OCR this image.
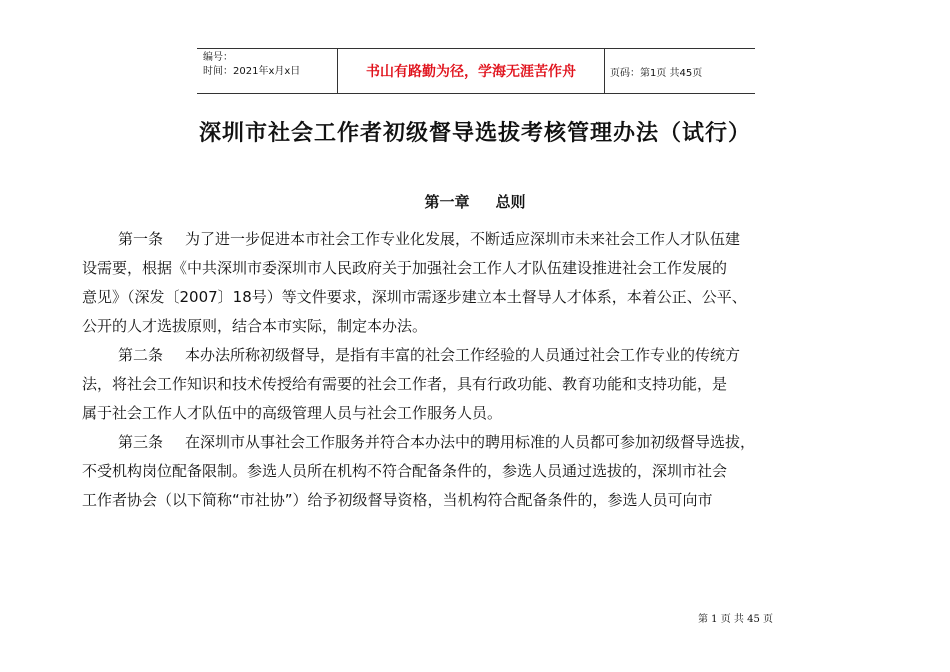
编号：
时间：2021年x月x日	书山有路勤为径，学海无涯苦作舟	页码：第1页 共45页
深圳市社会工作者初级督导选拔考核管理办法（试行）
第一章 总则
第一条 为了进一步促进本市社会工作专业化发展，不断适应深圳市未来社会工作人才队伍建
设需要，根据《中共深圳市委深圳市人民政府关于加强社会工作人才队伍建设推进社会工作发展的
意见》（深发〔2007〕18号）等文件要求，深圳市需逐步建立本土督导人才体系，本着公正、公平、
公开的人才选拔原则，结合本市实际，制定本办法。
第二条 本办法所称初级督导，是指有丰富的社会工作经验的人员通过社会工作专业的传统方
法，将社会工作知识和技术传授给有需要的社会工作者，具有行政功能、教育功能和支持功能，是
属于社会工作人才队伍中的高级管理人员与社会工作服务人员。
第三条 在深圳市从事社会工作服务并符合本办法中的聘用标准的人员都可参加初级督导选拔，
不受机构岗位配备限制。参选人员所在机构不符合配备条件的，参选人员通过选拔的，深圳市社会
工作者协会（以下简称“市社协”）给予初级督导资格，当机构符合配备条件的，参选人员可向市
第 1 页 共 45 页
